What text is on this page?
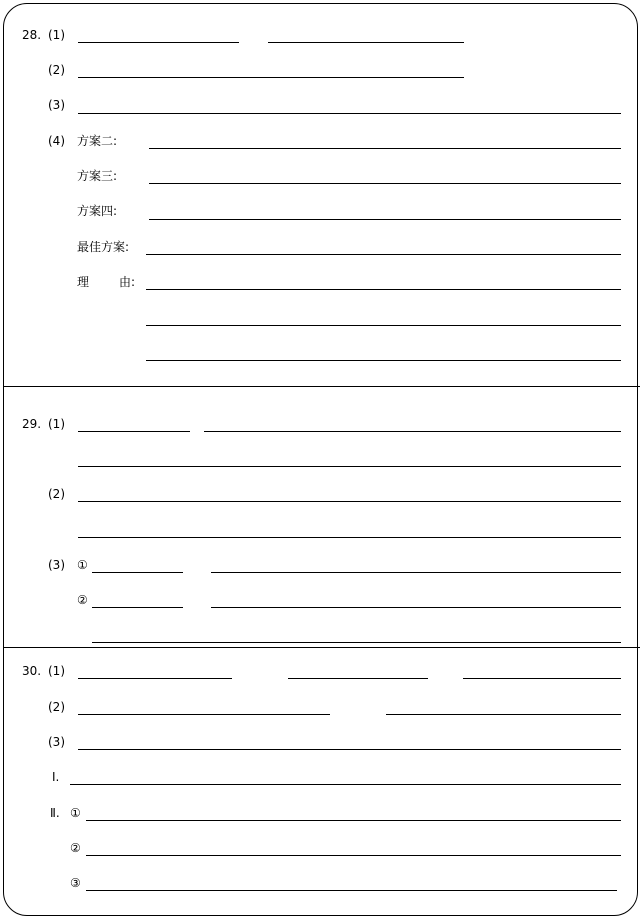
28. (1)
(2)
(3)
(4) 方案二:
方案三:
方案四:
最佳方案:
理 由:
29. (1)
(2)
(3) ①
②
30. (1)
(2)
(3)
Ⅰ.
Ⅱ. ①
②
③
